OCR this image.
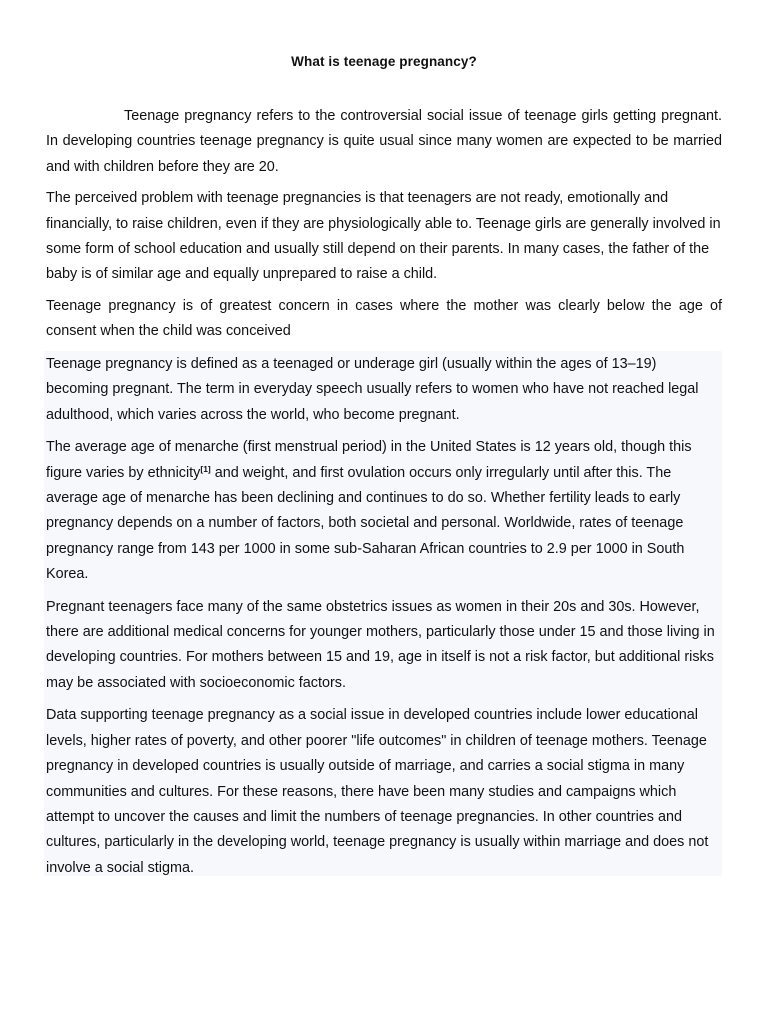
What is teenage pregnancy?

Teenage pregnancy refers to the controversial social issue of teenage girls getting pregnant. In developing countries teenage pregnancy is quite usual since many women are expected to be married and with children before they are 20.

The perceived problem with teenage pregnancies is that teenagers are not ready, emotionally and financially, to raise children, even if they are physiologically able to. Teenage girls are generally involved in some form of school education and usually still depend on their parents. In many cases, the father of the baby is of similar age and equally unprepared to raise a child.

Teenage pregnancy is of greatest concern in cases where the mother was clearly below the age of consent when the child was conceived

Teenage pregnancy is defined as a teenaged or underage girl (usually within the ages of 13–19) becoming pregnant. The term in everyday speech usually refers to women who have not reached legal adulthood, which varies across the world, who become pregnant.

The average age of menarche (first menstrual period) in the United States is 12 years old, though this figure varies by ethnicity[1] and weight, and first ovulation occurs only irregularly until after this. The average age of menarche has been declining and continues to do so. Whether fertility leads to early pregnancy depends on a number of factors, both societal and personal. Worldwide, rates of teenage pregnancy range from 143 per 1000 in some sub-Saharan African countries to 2.9 per 1000 in South Korea.

Pregnant teenagers face many of the same obstetrics issues as women in their 20s and 30s. However, there are additional medical concerns for younger mothers, particularly those under 15 and those living in developing countries. For mothers between 15 and 19, age in itself is not a risk factor, but additional risks may be associated with socioeconomic factors.

Data supporting teenage pregnancy as a social issue in developed countries include lower educational levels, higher rates of poverty, and other poorer "life outcomes" in children of teenage mothers. Teenage pregnancy in developed countries is usually outside of marriage, and carries a social stigma in many communities and cultures. For these reasons, there have been many studies and campaigns which attempt to uncover the causes and limit the numbers of teenage pregnancies. In other countries and cultures, particularly in the developing world, teenage pregnancy is usually within marriage and does not involve a social stigma.
